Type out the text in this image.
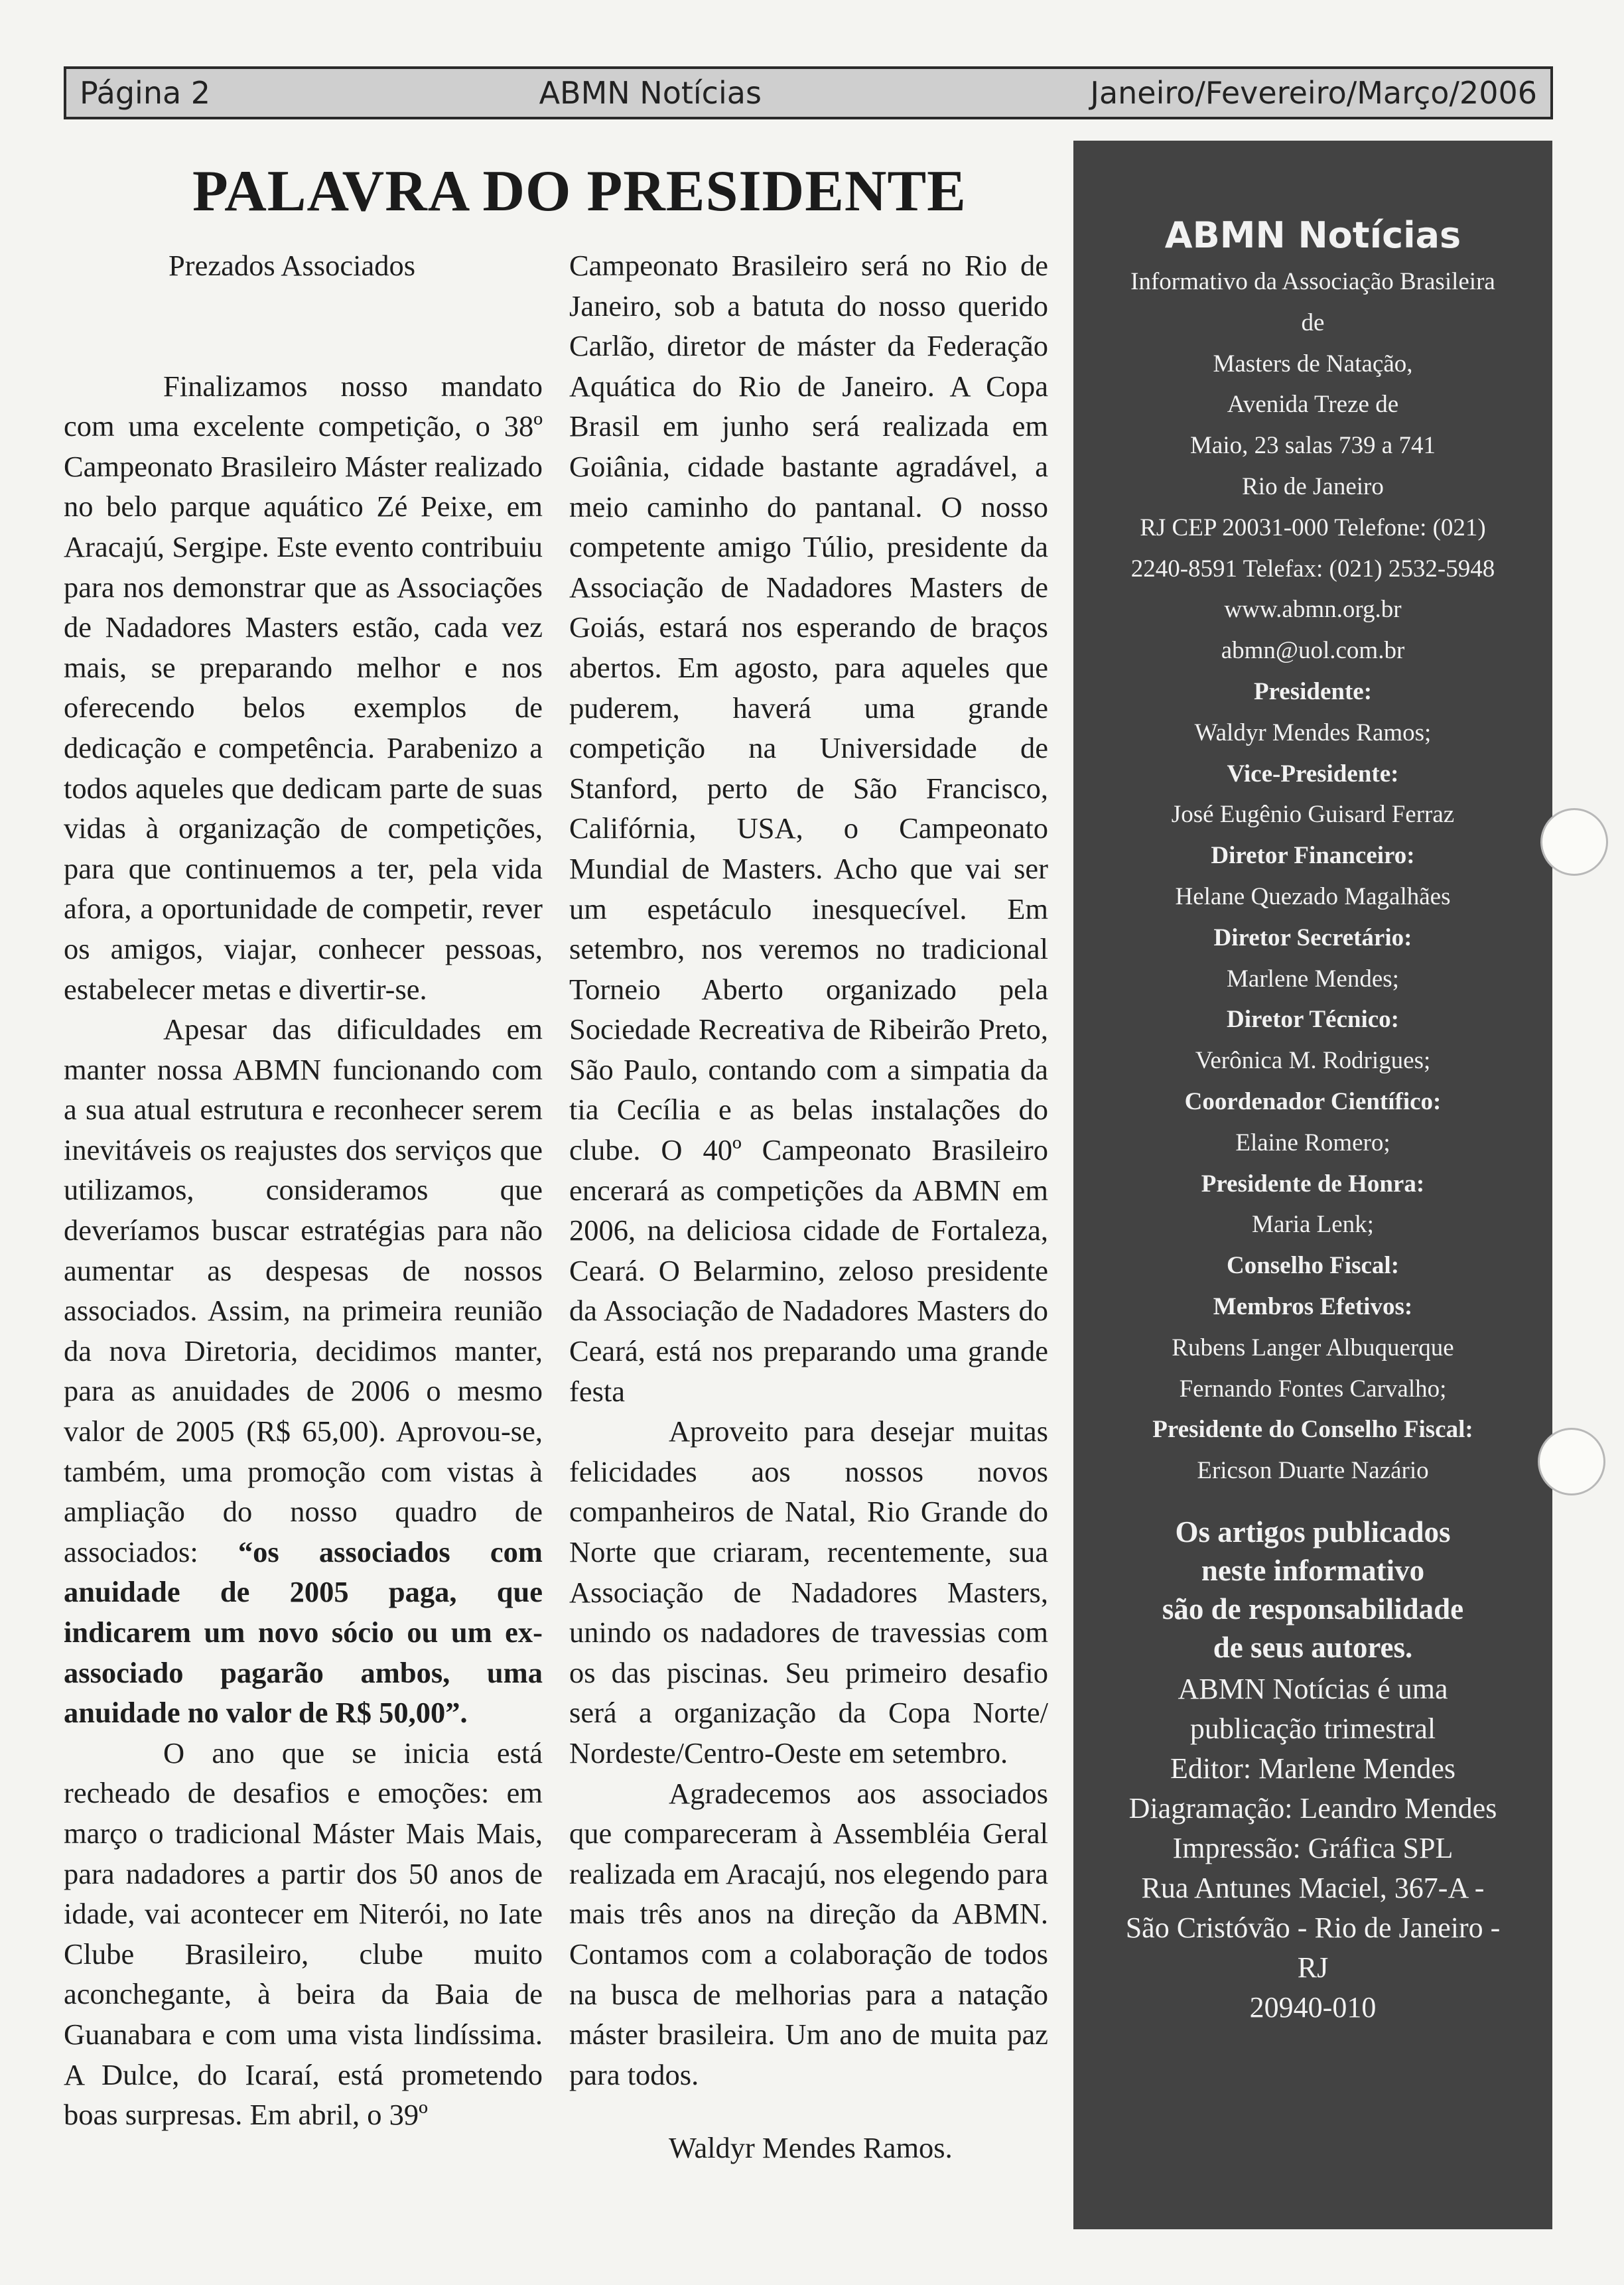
Página 2	ABMN Notícias	Janeiro/Fevereiro/Março/2006
PALAVRA DO PRESIDENTE

Prezados Associados

Finalizamos nosso mandato com uma excelente competição, o 38º Campeonato Brasileiro Máster realizado no belo parque aquático Zé Peixe, em Aracajú, Sergipe. Este evento contribuiu para nos demonstrar que as Associações de Nadadores Masters estão, cada vez mais, se preparando melhor e nos oferecendo belos exemplos de dedicação e competência. Parabenizo a todos aqueles que dedicam parte de suas vidas à organização de competições, para que continuemos a ter, pela vida afora, a oportunidade de competir, rever os amigos, viajar, conhecer pessoas, estabelecer metas e divertir-se.

Apesar das dificuldades em manter nossa ABMN funcionando com a sua atual estrutura e reconhecer serem inevitáveis os reajustes dos serviços que utilizamos, consideramos que deveríamos buscar estratégias para não aumentar as despesas de nossos associados. Assim, na primeira reunião da nova Diretoria, decidimos manter, para as anuidades de 2006 o mesmo valor de 2005 (R$ 65,00). Aprovou-se, também, uma promoção com vistas à ampliação do nosso quadro de associados: “os associados com anuidade de 2005 paga, que indicarem um novo sócio ou um ex-associado pagarão ambos, uma anuidade no valor de R$ 50,00”.

O ano que se inicia está recheado de desafios e emoções: em março o tradicional Máster Mais Mais, para nadadores a partir dos 50 anos de idade, vai acontecer em Niterói, no Iate Clube Brasileiro, clube muito aconchegante, à beira da Baia de Guanabara e com uma vista lindíssima. A Dulce, do Icaraí, está prometendo boas surpresas. Em abril, o 39º

Campeonato Brasileiro será no Rio de Janeiro, sob a batuta do nosso querido Carlão, diretor de máster da Federação Aquática do Rio de Janeiro. A Copa Brasil em junho será realizada em Goiânia, cidade bastante agradável, a meio caminho do pantanal. O nosso competente amigo Túlio, presidente da Associação de Nadadores Masters de Goiás, estará nos esperando de braços abertos. Em agosto, para aqueles que puderem, haverá uma grande competição na Universidade de Stanford, perto de São Francisco, Califórnia, USA, o Campeonato Mundial de Masters. Acho que vai ser um espetáculo inesquecível. Em setembro, nos veremos no tradicional Torneio Aberto organizado pela Sociedade Recreativa de Ribeirão Preto, São Paulo, contando com a simpatia da tia Cecília e as belas instalações do clube. O 40º Campeonato Brasileiro encerará as competições da ABMN em 2006, na deliciosa cidade de Fortaleza, Ceará. O Belarmino, zeloso presidente da Associação de Nadadores Masters do Ceará, está nos preparando uma grande festa

Aproveito para desejar muitas felicidades aos nossos novos companheiros de Natal, Rio Grande do Norte que criaram, recentemente, sua Associação de Nadadores Masters, unindo os nadadores de travessias com os das piscinas. Seu primeiro desafio será a organização da Copa Norte/ Nordeste/Centro-Oeste em setembro.

Agradecemos aos associados que compareceram à Assembléia Geral realizada em Aracajú, nos elegendo para mais três anos na direção da ABMN. Contamos com a colaboração de todos na busca de melhorias para a natação máster brasileira. Um ano de muita paz para todos.

Waldyr Mendes Ramos.

ABMN Notícias
Informativo da Associação Brasileira
de
Masters de Natação,
Avenida Treze de
Maio, 23 salas 739 a 741
Rio de Janeiro
RJ CEP 20031-000 Telefone: (021)
2240-8591 Telefax: (021) 2532-5948
www.abmn.org.br
abmn@uol.com.br
Presidente:
Waldyr Mendes Ramos;
Vice-Presidente:
José Eugênio Guisard Ferraz
Diretor Financeiro:
Helane Quezado Magalhães
Diretor Secretário:
Marlene Mendes;
Diretor Técnico:
Verônica M. Rodrigues;
Coordenador Científico:
Elaine Romero;
Presidente de Honra:
Maria Lenk;
Conselho Fiscal:
Membros Efetivos:
Rubens Langer Albuquerque
Fernando Fontes Carvalho;
Presidente do Conselho Fiscal:
Ericson Duarte Nazário
Os artigos publicados
neste informativo
são de responsabilidade
de seus autores.
ABMN Notícias é uma
publicação trimestral
Editor: Marlene Mendes
Diagramação: Leandro Mendes
Impressão: Gráfica SPL
Rua Antunes Maciel, 367-A -
São Cristóvão - Rio de Janeiro -
RJ
20940-010
